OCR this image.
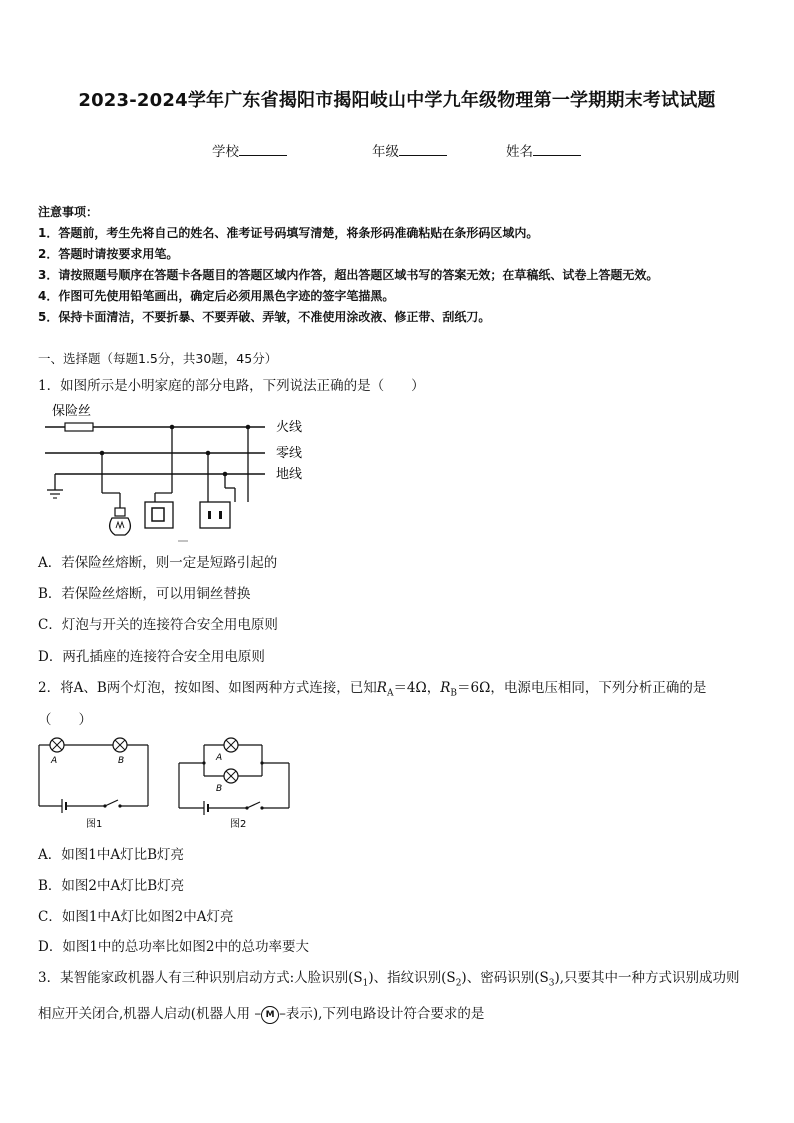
2023-2024学年广东省揭阳市揭阳岐山中学九年级物理第一学期期末考试试题
学校	年级	姓名
注意事项：
1．答题前，考生先将自己的姓名、准考证号码填写清楚，将条形码准确粘贴在条形码区域内。
2．答题时请按要求用笔。
3．请按照题号顺序在答题卡各题目的答题区域内作答，超出答题区域书写的答案无效；在草稿纸、试卷上答题无效。
4．作图可先使用铅笔画出，确定后必须用黑色字迹的签字笔描黑。
5．保持卡面清洁，不要折暴、不要弄破、弄皱，不准使用涂改液、修正带、刮纸刀。
一、选择题（每题1.5分，共30题，45分）
1．如图所示是小明家庭的部分电路，下列说法正确的是（　　）
保险丝
火线
零线
地线
A．若保险丝熔断，则一定是短路引起的
B．若保险丝熔断，可以用铜丝替换
C．灯泡与开关的连接符合安全用电原则
D．两孔插座的连接符合安全用电原则
2．将A、B两个灯泡，按如图、如图两种方式连接，已知$R_A=4\Omega$，$R_B=6\Omega$，电源电压相同，下列分析正确的是
（　　）
A	B
图1
A
B
图2
A．如图1中A灯比B灯亮
B．如图2中A灯比B灯亮
C．如图1中A灯比如图2中A灯亮
D．如图1中的总功率比如图2中的总功率要大
3．某智能家政机器人有三种识别启动方式:人脸识别$(S_1)$、指纹识别$(S_2)$、密码识别$(S_3)$,只要其中一种方式识别成功则
相应开关闭合,机器人启动(机器人用 – M –表示),下列电路设计符合要求的是
